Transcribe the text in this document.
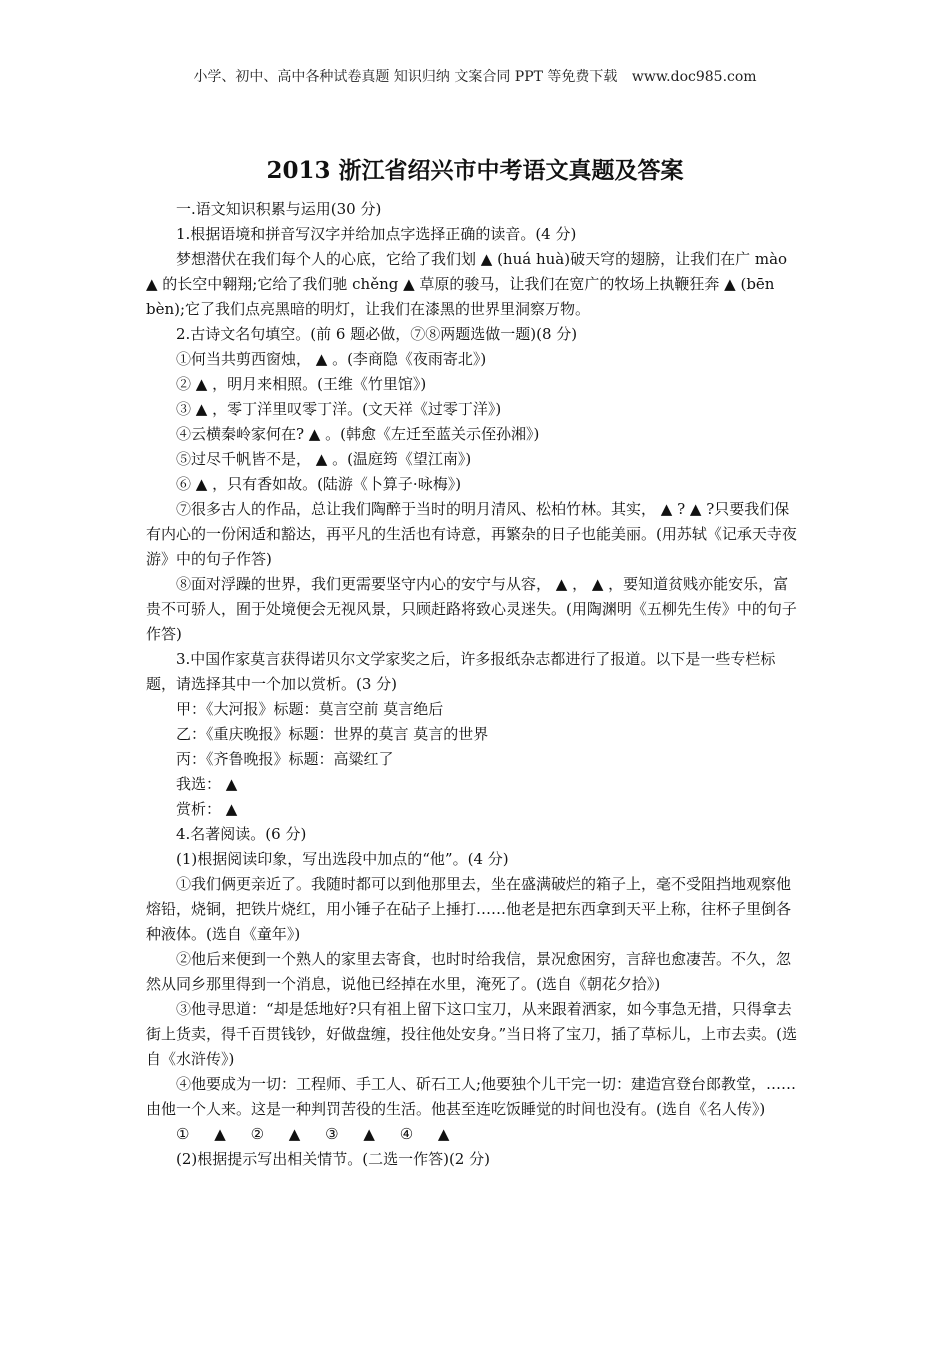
小学、初中、高中各种试卷真题 知识归纳 文案合同 PPT 等免费下载 www.doc985.com
2013 浙江省绍兴市中考语文真题及答案

一.语文知识积累与运用(30 分)

1.根据语境和拼音写汉字并给加点字选择正确的读音。(4 分)

梦想潜伏在我们每个人的心底，它给了我们划 ▲ (huá huà)破天穹的翅膀，让我们在广 mào ▲ 的长空中翱翔;它给了我们驰 chěng ▲ 草原的骏马，让我们在宽广的牧场上执鞭狂奔 ▲ (bēn bèn);它了我们点亮黑暗的明灯，让我们在漆黑的世界里洞察万物。

2.古诗文名句填空。(前 6 题必做，⑦⑧两题选做一题)(8 分)

①何当共剪西窗烛， ▲ 。(李商隐《夜雨寄北》)

② ▲ ，明月来相照。(王维《竹里馆》)

③ ▲ ，零丁洋里叹零丁洋。(文天祥《过零丁洋》)

④云横秦岭家何在? ▲ 。(韩愈《左迁至蓝关示侄孙湘》)

⑤过尽千帆皆不是， ▲ 。(温庭筠《望江南》)

⑥ ▲ ，只有香如故。(陆游《卜算子·咏梅》)

⑦很多古人的作品，总让我们陶醉于当时的明月清风、松柏竹林。其实， ▲ ? ▲ ?只要我们保有内心的一份闲适和豁达，再平凡的生活也有诗意，再繁杂的日子也能美丽。(用苏轼《记承天寺夜游》中的句子作答)

⑧面对浮躁的世界，我们更需要坚守内心的安宁与从容， ▲ ， ▲ ，要知道贫贱亦能安乐，富贵不可骄人，囿于处境便会无视风景，只顾赶路将致心灵迷失。(用陶渊明《五柳先生传》中的句子作答)

3.中国作家莫言获得诺贝尔文学家奖之后，许多报纸杂志都进行了报道。以下是一些专栏标题，请选择其中一个加以赏析。(3 分)

甲：《大河报》标题：莫言空前 莫言绝后

乙：《重庆晚报》标题：世界的莫言 莫言的世界

丙：《齐鲁晚报》标题：高粱红了

我选： ▲

赏析： ▲

4.名著阅读。(6 分)

(1)根据阅读印象，写出选段中加点的“他”。(4 分)

①我们俩更亲近了。我随时都可以到他那里去，坐在盛满破烂的箱子上，毫不受阻挡地观察他熔铅，烧铜，把铁片烧红，用小锤子在砧子上捶打……他老是把东西拿到天平上称，往杯子里倒各种液体。(选自《童年》)

②他后来便到一个熟人的家里去寄食，也时时给我信，景况愈困穷，言辞也愈凄苦。不久，忽然从同乡那里得到一个消息，说他已经掉在水里，淹死了。(选自《朝花夕拾》)

③他寻思道：“却是恁地好?只有祖上留下这口宝刀，从来跟着洒家，如今事急无措，只得拿去街上货卖，得千百贯钱钞，好做盘缠，投往他处安身。”当日将了宝刀，插了草标儿，上市去卖。(选自《水浒传》)

④他要成为一切：工程师、手工人、斫石工人;他要独个儿干完一切：建造宫登台郎教堂，……由他一个人来。这是一种判罚苦役的生活。他甚至连吃饭睡觉的时间也没有。(选自《名人传》)

① ▲ ② ▲ ③ ▲ ④ ▲

(2)根据提示写出相关情节。(二选一作答)(2 分)
